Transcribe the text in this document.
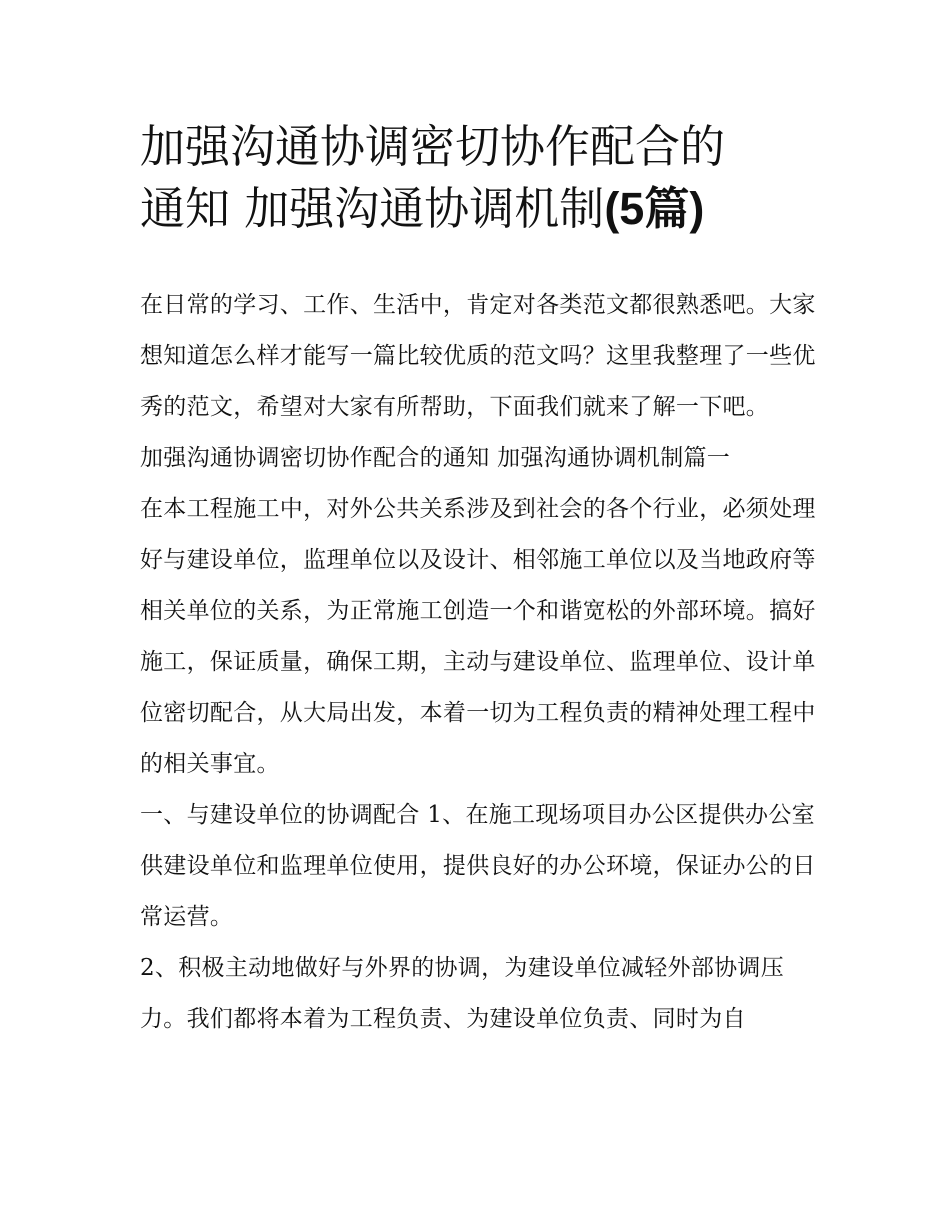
加强沟通协调密切协作配合的
通知 加强沟通协调机制(5篇)

在日常的学习、工作、生活中，肯定对各类范文都很熟悉吧。大家想知道怎么样才能写一篇比较优质的范文吗？这里我整理了一些优秀的范文，希望对大家有所帮助，下面我们就来了解一下吧。

加强沟通协调密切协作配合的通知 加强沟通协调机制篇一

在本工程施工中，对外公共关系涉及到社会的各个行业，必须处理好与建设单位，监理单位以及设计、相邻施工单位以及当地政府等相关单位的关系，为正常施工创造一个和谐宽松的外部环境。搞好施工，保证质量，确保工期，主动与建设单位、监理单位、设计单位密切配合，从大局出发，本着一切为工程负责的精神处理工程中的相关事宜。

一、与建设单位的协调配合 1、在施工现场项目办公区提供办公室供建设单位和监理单位使用，提供良好的办公环境，保证办公的日常运营。

2、积极主动地做好与外界的协调，为建设单位减轻外部协调压力。我们都将本着为工程负责、为建设单位负责、同时为自
